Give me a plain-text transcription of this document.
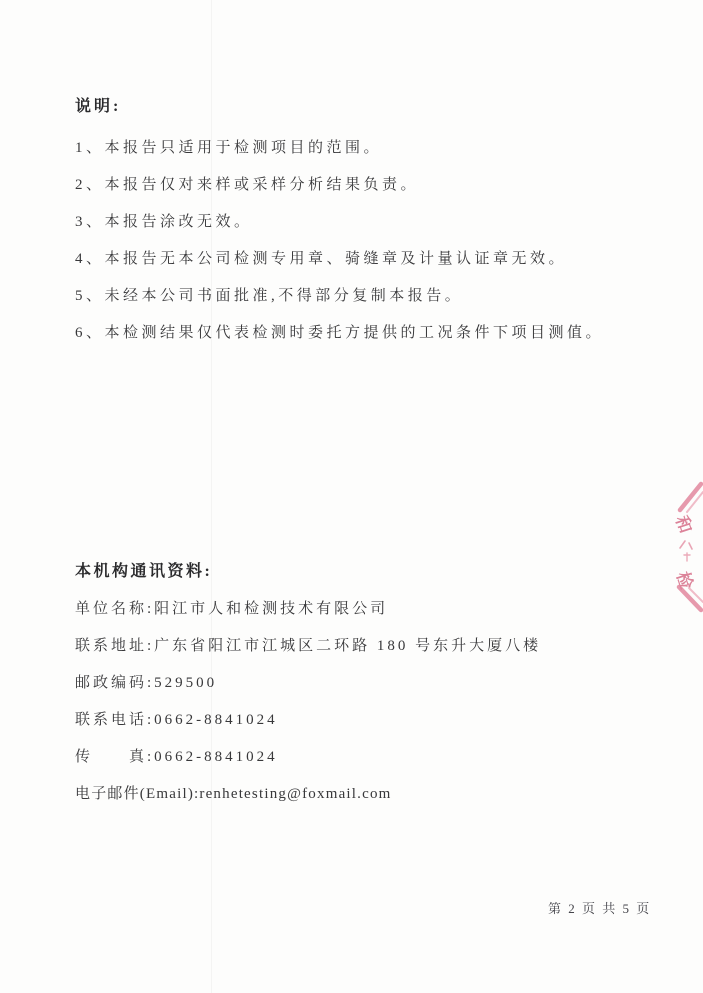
说明:

1、本报告只适用于检测项目的范围。

2、本报告仅对来样或采样分析结果负责。

3、本报告涂改无效。

4、本报告无本公司检测专用章、骑缝章及计量认证章无效。

5、未经本公司书面批准,不得部分复制本报告。

6、本检测结果仅代表检测时委托方提供的工况条件下项目测值。

本机构通讯资料:

单位名称:阳江市人和检测技术有限公司

联系地址:广东省阳江市江城区二环路 180 号东升大厦八楼

邮政编码:529500

联系电话:0662-8841024

传　　真:0662-8841024

电子邮件(Email):renhetesting@foxmail.com

和
检
第 2 页 共 5 页
